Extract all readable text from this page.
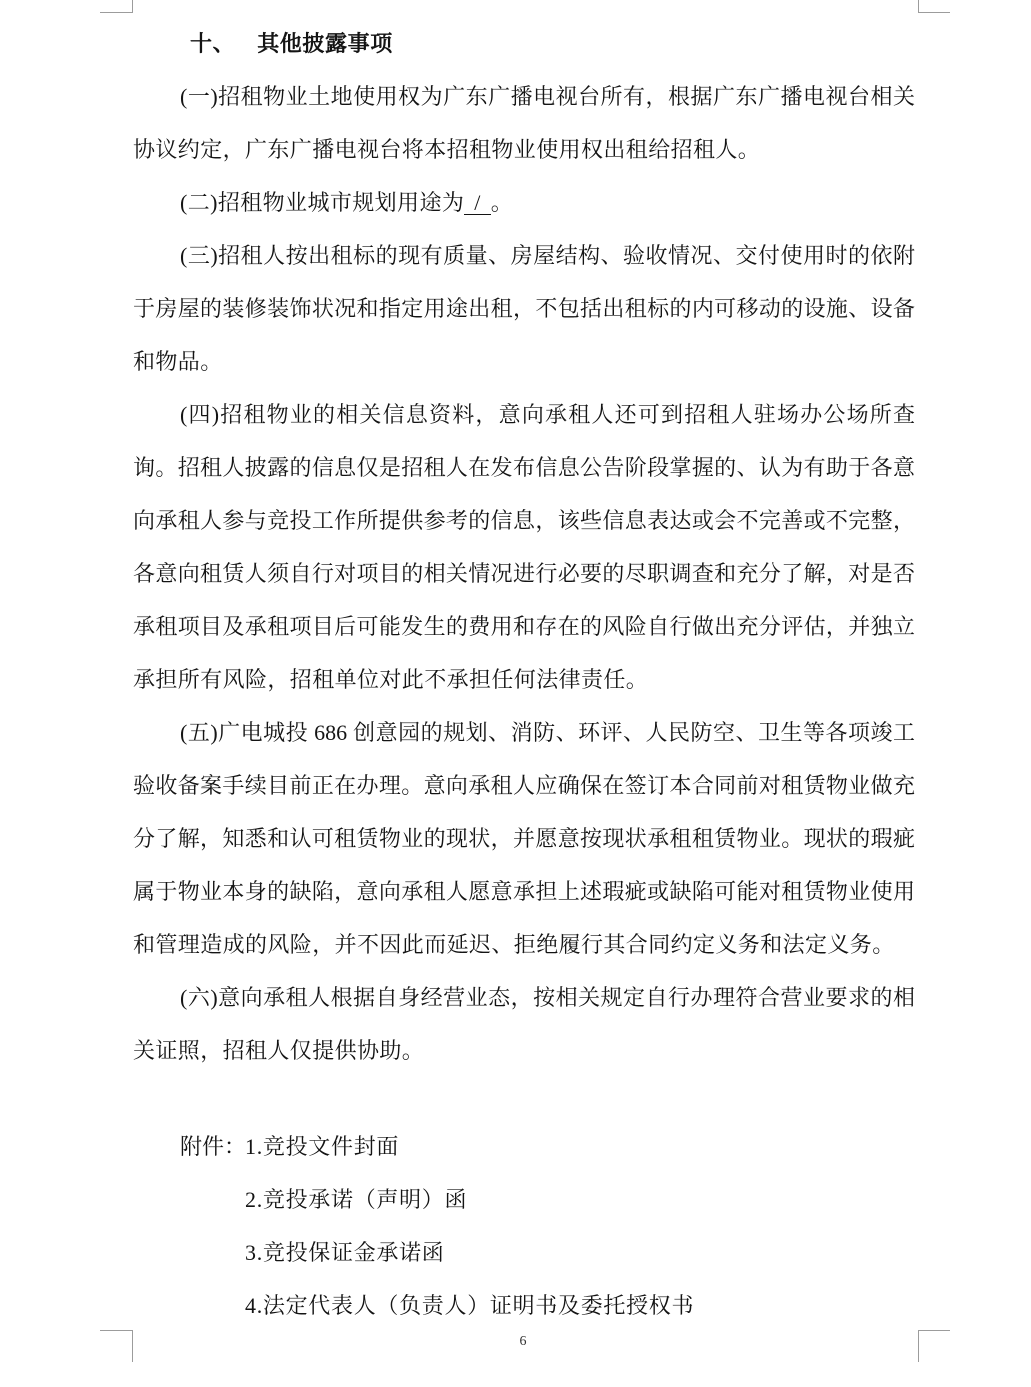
十、 其他披露事项
(一)招租物业土地使用权为广东广播电视台所有，根据广东广播电视台相关
协议约定，广东广播电视台将本招租物业使用权出租给招租人。
(二)招租物业城市规划用途为 / 。
(三)招租人按出租标的现有质量、房屋结构、验收情况、交付使用时的依附
于房屋的装修装饰状况和指定用途出租，不包括出租标的内可移动的设施、设备
和物品。
(四)招租物业的相关信息资料，意向承租人还可到招租人驻场办公场所查
询。招租人披露的信息仅是招租人在发布信息公告阶段掌握的、认为有助于各意
向承租人参与竞投工作所提供参考的信息，该些信息表达或会不完善或不完整，
各意向租赁人须自行对项目的相关情况进行必要的尽职调查和充分了解，对是否
承租项目及承租项目后可能发生的费用和存在的风险自行做出充分评估，并独立
承担所有风险，招租单位对此不承担任何法律责任。
(五)广电城投 686 创意园的规划、消防、环评、人民防空、卫生等各项竣工
验收备案手续目前正在办理。意向承租人应确保在签订本合同前对租赁物业做充
分了解，知悉和认可租赁物业的现状，并愿意按现状承租租赁物业。现状的瑕疵
属于物业本身的缺陷，意向承租人愿意承担上述瑕疵或缺陷可能对租赁物业使用
和管理造成的风险，并不因此而延迟、拒绝履行其合同约定义务和法定义务。
(六)意向承租人根据自身经营业态，按相关规定自行办理符合营业要求的相
关证照，招租人仅提供协助。
附件：1.竞投文件封面
2.竞投承诺（声明）函
3.竞投保证金承诺函
4.法定代表人（负责人）证明书及委托授权书
6
